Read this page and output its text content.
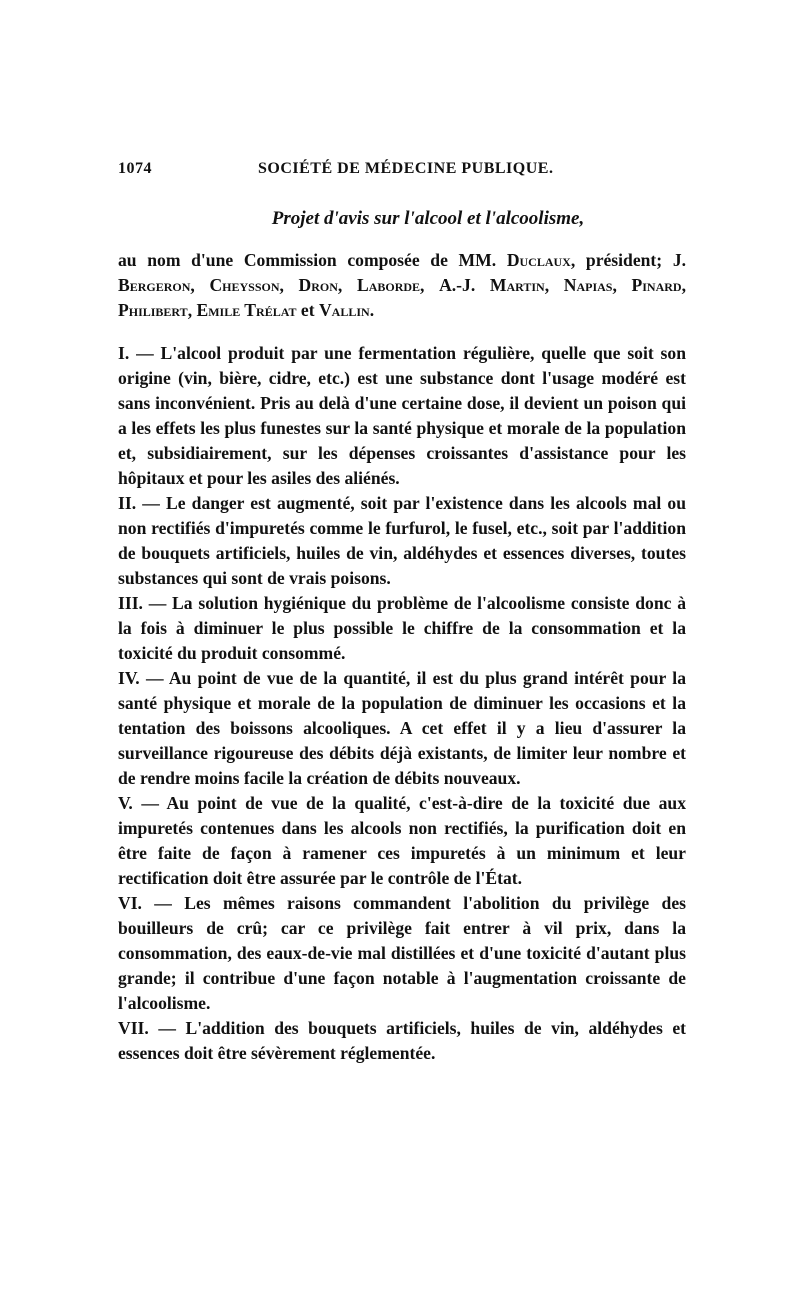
1074	SOCIÉTÉ DE MÉDECINE PUBLIQUE.
Projet d'avis sur l'alcool et l'alcoolisme,

au nom d'une Commission composée de MM. Duclaux, président; J. Bergeron, Cheysson, Dron, Laborde, A.-J. Martin, Napias, Pinard, Philibert, Emile Trélat et Vallin.

I. — L'alcool produit par une fermentation régulière, quelle que soit son origine (vin, bière, cidre, etc.) est une substance dont l'usage modéré est sans inconvénient. Pris au delà d'une certaine dose, il devient un poison qui a les effets les plus funestes sur la santé physique et morale de la population et, subsidiairement, sur les dépenses croissantes d'assistance pour les hôpitaux et pour les asiles des aliénés.

II. — Le danger est augmenté, soit par l'existence dans les alcools mal ou non rectifiés d'impuretés comme le furfurol, le fusel, etc., soit par l'addition de bouquets artificiels, huiles de vin, aldéhydes et essences diverses, toutes substances qui sont de vrais poisons.

III. — La solution hygiénique du problème de l'alcoolisme consiste donc à la fois à diminuer le plus possible le chiffre de la consommation et la toxicité du produit consommé.

IV. — Au point de vue de la quantité, il est du plus grand intérêt pour la santé physique et morale de la population de diminuer les occasions et la tentation des boissons alcooliques. A cet effet il y a lieu d'assurer la surveillance rigoureuse des débits déjà existants, de limiter leur nombre et de rendre moins facile la création de débits nouveaux.

V. — Au point de vue de la qualité, c'est-à-dire de la toxicité due aux impuretés contenues dans les alcools non rectifiés, la purification doit en être faite de façon à ramener ces impuretés à un minimum et leur rectification doit être assurée par le contrôle de l'État.

VI. — Les mêmes raisons commandent l'abolition du privilège des bouilleurs de crû; car ce privilège fait entrer à vil prix, dans la consommation, des eaux-de-vie mal distillées et d'une toxicité d'autant plus grande; il contribue d'une façon notable à l'augmentation croissante de l'alcoolisme.

VII. — L'addition des bouquets artificiels, huiles de vin, aldéhydes et essences doit être sévèrement réglementée.
